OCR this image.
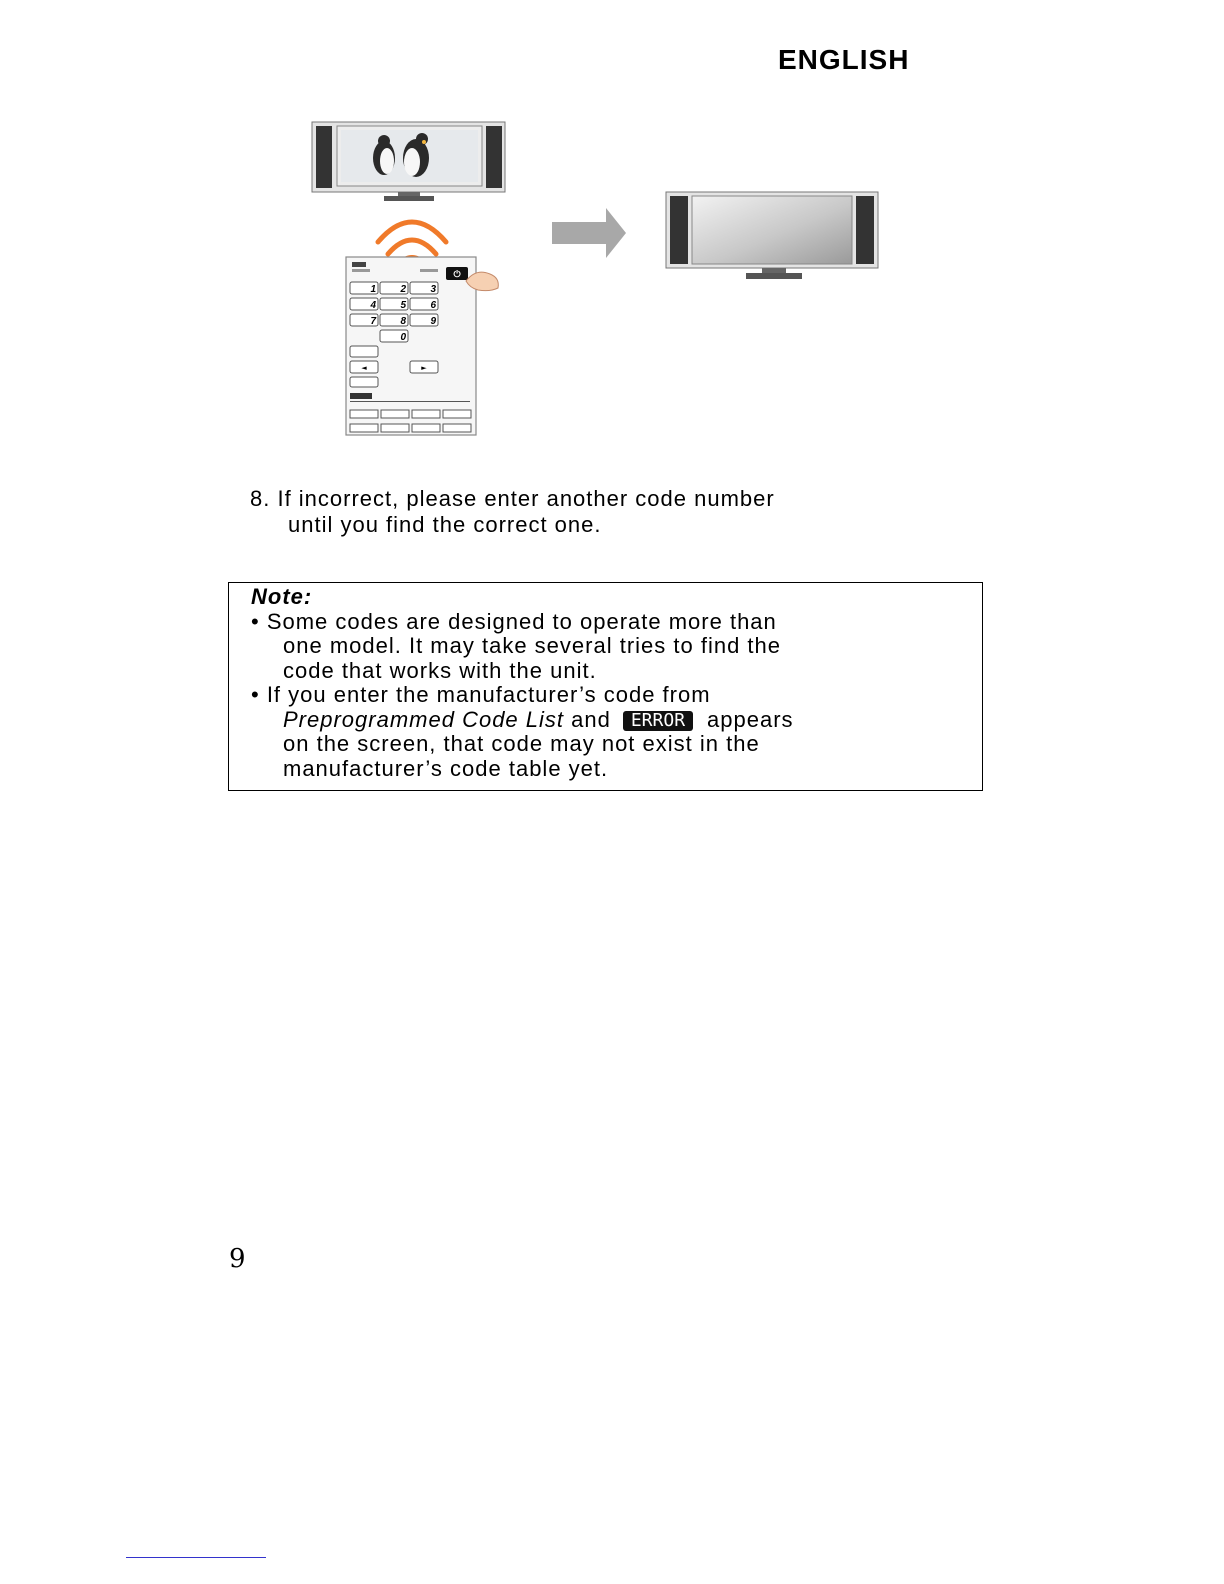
ENGLISH
⏻
1 2 3
4 5 6
7 8 9
0
◄	►
8. If incorrect, please enter another code number
until you find the correct one.
Note:
• Some codes are designed to operate more than
one model. It may take several tries to find the
code that works with the unit.
• If you enter the manufacturer’s code from
Preprogrammed Code List and ERROR appears
on the screen, that code may not exist in the
manufacturer’s code table yet.
9
